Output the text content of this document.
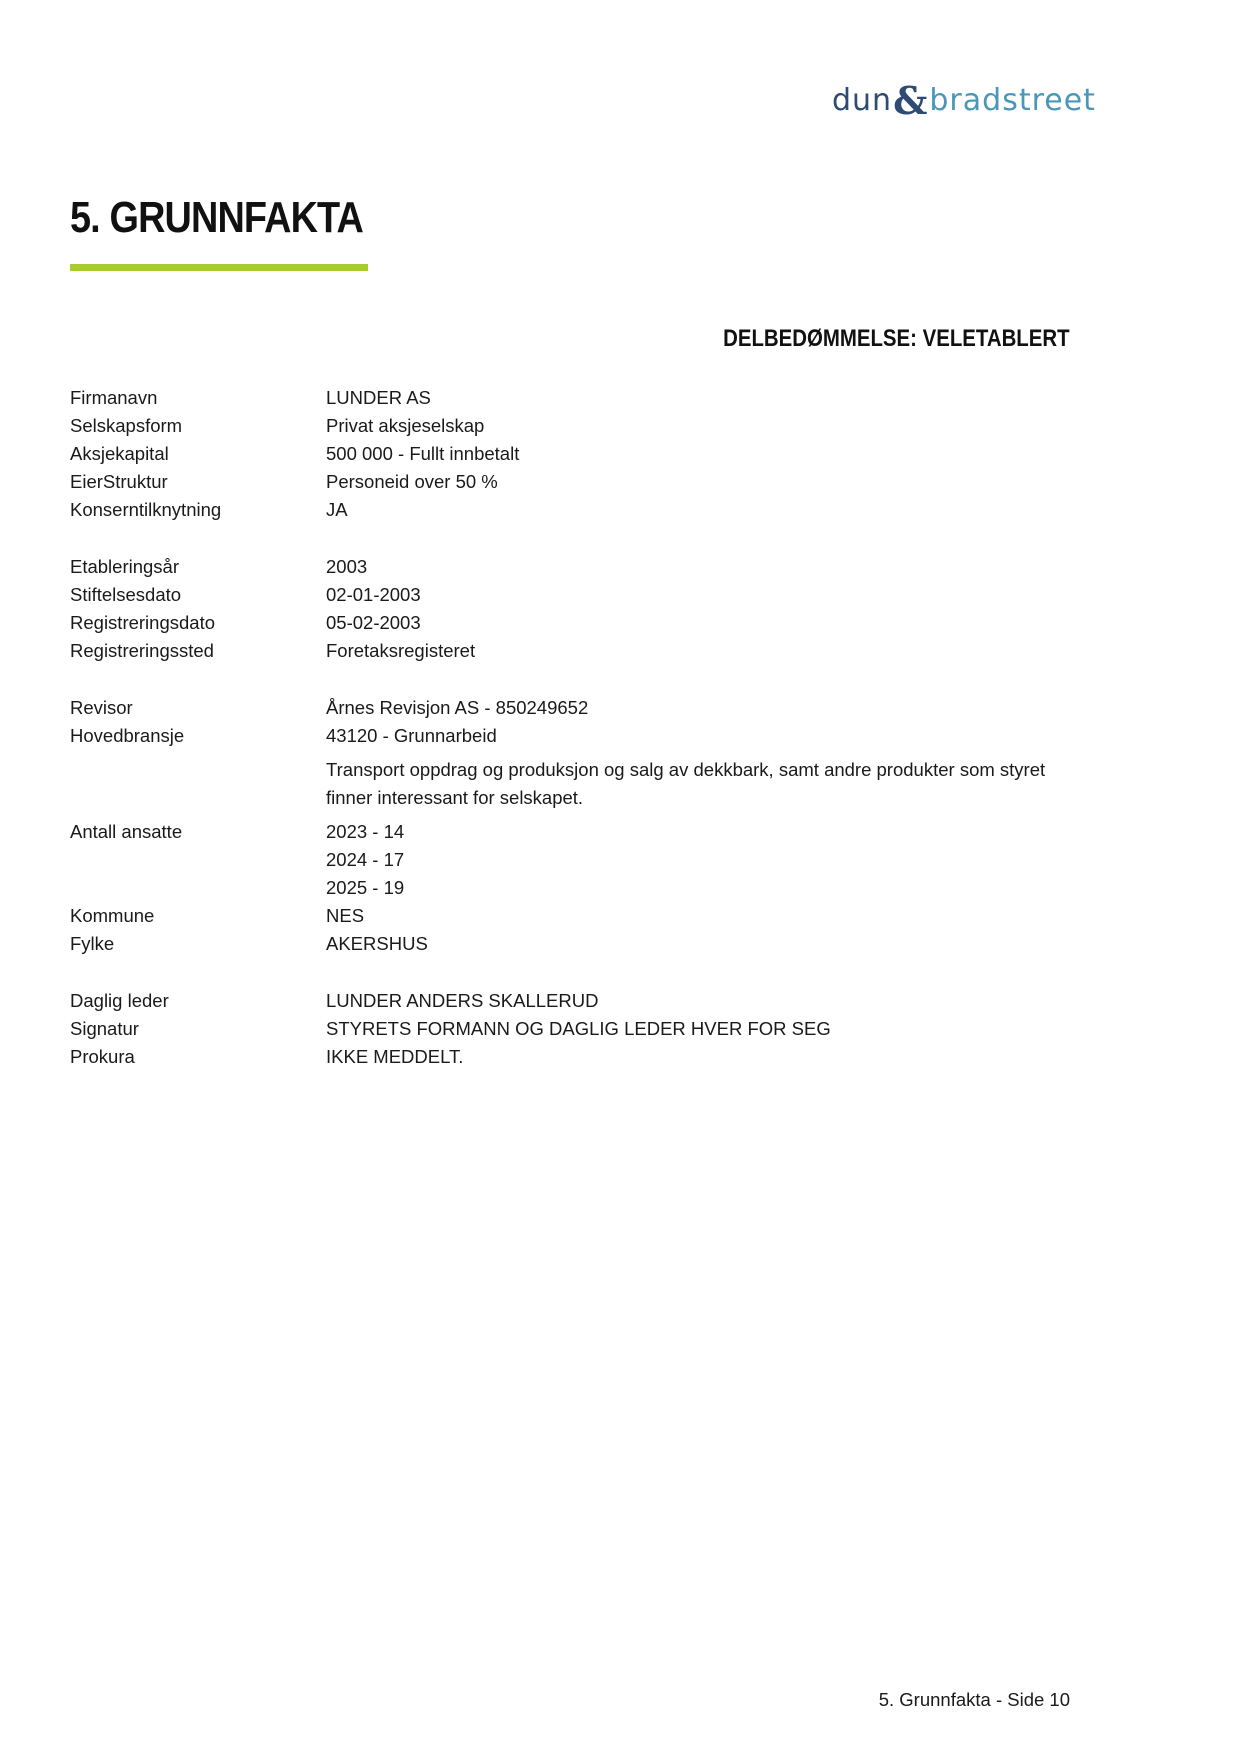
dun & bradstreet
5. GRUNNFAKTA
DELBEDØMMELSE: VELETABLERT
Firmanavn	LUNDER AS
Selskapsform	Privat aksjeselskap
Aksjekapital	500 000 - Fullt innbetalt
EierStruktur	Personeid over 50 %
Konserntilknytning	JA
Etableringsår	2003
Stiftelsesdato	02-01-2003
Registreringsdato	05-02-2003
Registreringssted	Foretaksregisteret
Revisor	Årnes Revisjon AS - 850249652
Hovedbransje	43120 - Grunnarbeid
Transport oppdrag og produksjon og salg av dekkbark, samt andre produkter som styret finner interessant for selskapet.
Antall ansatte	2023 - 14
2024 - 17
2025 - 19
Kommune	NES
Fylke	AKERSHUS
Daglig leder	LUNDER ANDERS SKALLERUD
Signatur	STYRETS FORMANN OG DAGLIG LEDER HVER FOR SEG
Prokura	IKKE MEDDELT.
5. Grunnfakta - Side 10
